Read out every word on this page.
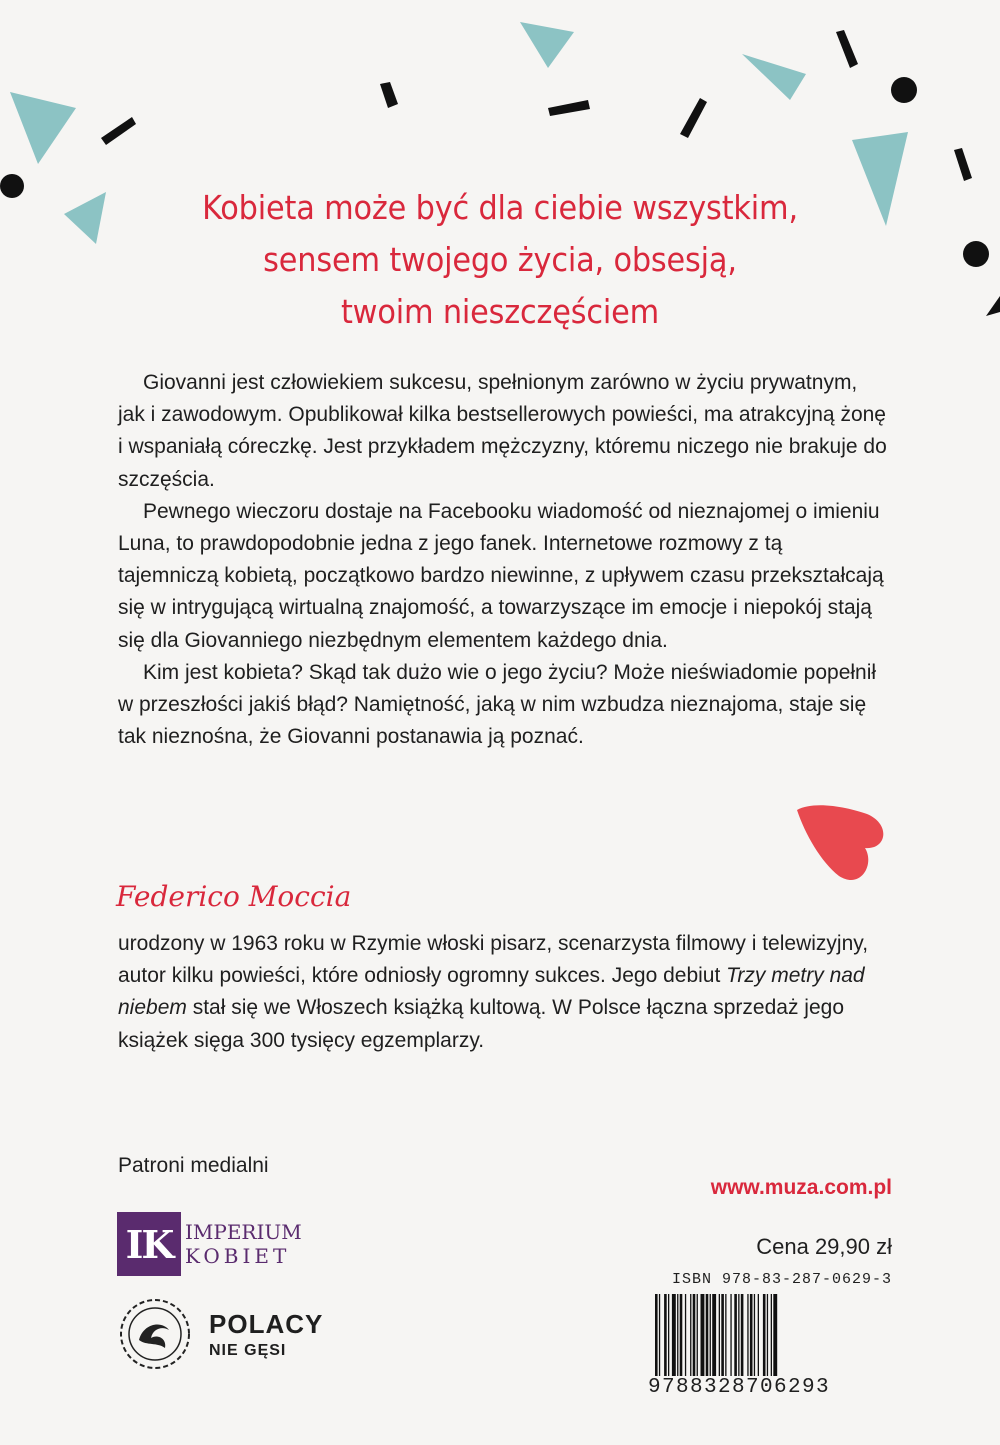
Kobieta może być dla ciebie wszystkim,
sensem twojego życia, obsesją,
twoim nieszczęściem

Giovanni jest człowiekiem sukcesu, spełnionym zarówno w życiu prywatnym, jak i zawodowym. Opublikował kilka bestsellerowych powieści, ma atrakcyjną żonę i wspaniałą córeczkę. Jest przykładem mężczyzny, któremu niczego nie brakuje do szczęścia.

Pewnego wieczoru dostaje na Facebooku wiadomość od nieznajomej o imieniu Luna, to prawdopodobnie jedna z jego fanek. Internetowe rozmowy z tą tajemniczą kobietą, początkowo bardzo niewinne, z upływem czasu przekształcają się w intrygującą wirtualną znajomość, a towarzyszące im emocje i niepokój stają się dla Giovanniego niezbędnym elementem każdego dnia.

Kim jest kobieta? Skąd tak dużo wie o jego życiu? Może nieświadomie popełnił w przeszłości jakiś błąd? Namiętność, jaką w nim wzbudza nieznajoma, staje się tak nieznośna, że Giovanni postanawia ją poznać.

Federico Moccia

urodzony w 1963 roku w Rzymie włoski pisarz, scenarzysta filmowy i telewizyjny, autor kilku powieści, które odniosły ogromny sukces. Jego debiut Trzy metry nad niebem stał się we Włoszech książką kultową. W Polsce łączna sprzedaż jego książek sięga 300 tysięcy egzemplarzy.

Patroni medialni
IK IMPERIUM
KOBIET
POLACY
NIE GĘSI
www.muza.com.pl
Cena 29,90 zł
ISBN 978-83-287-0629-3
9788328706293
